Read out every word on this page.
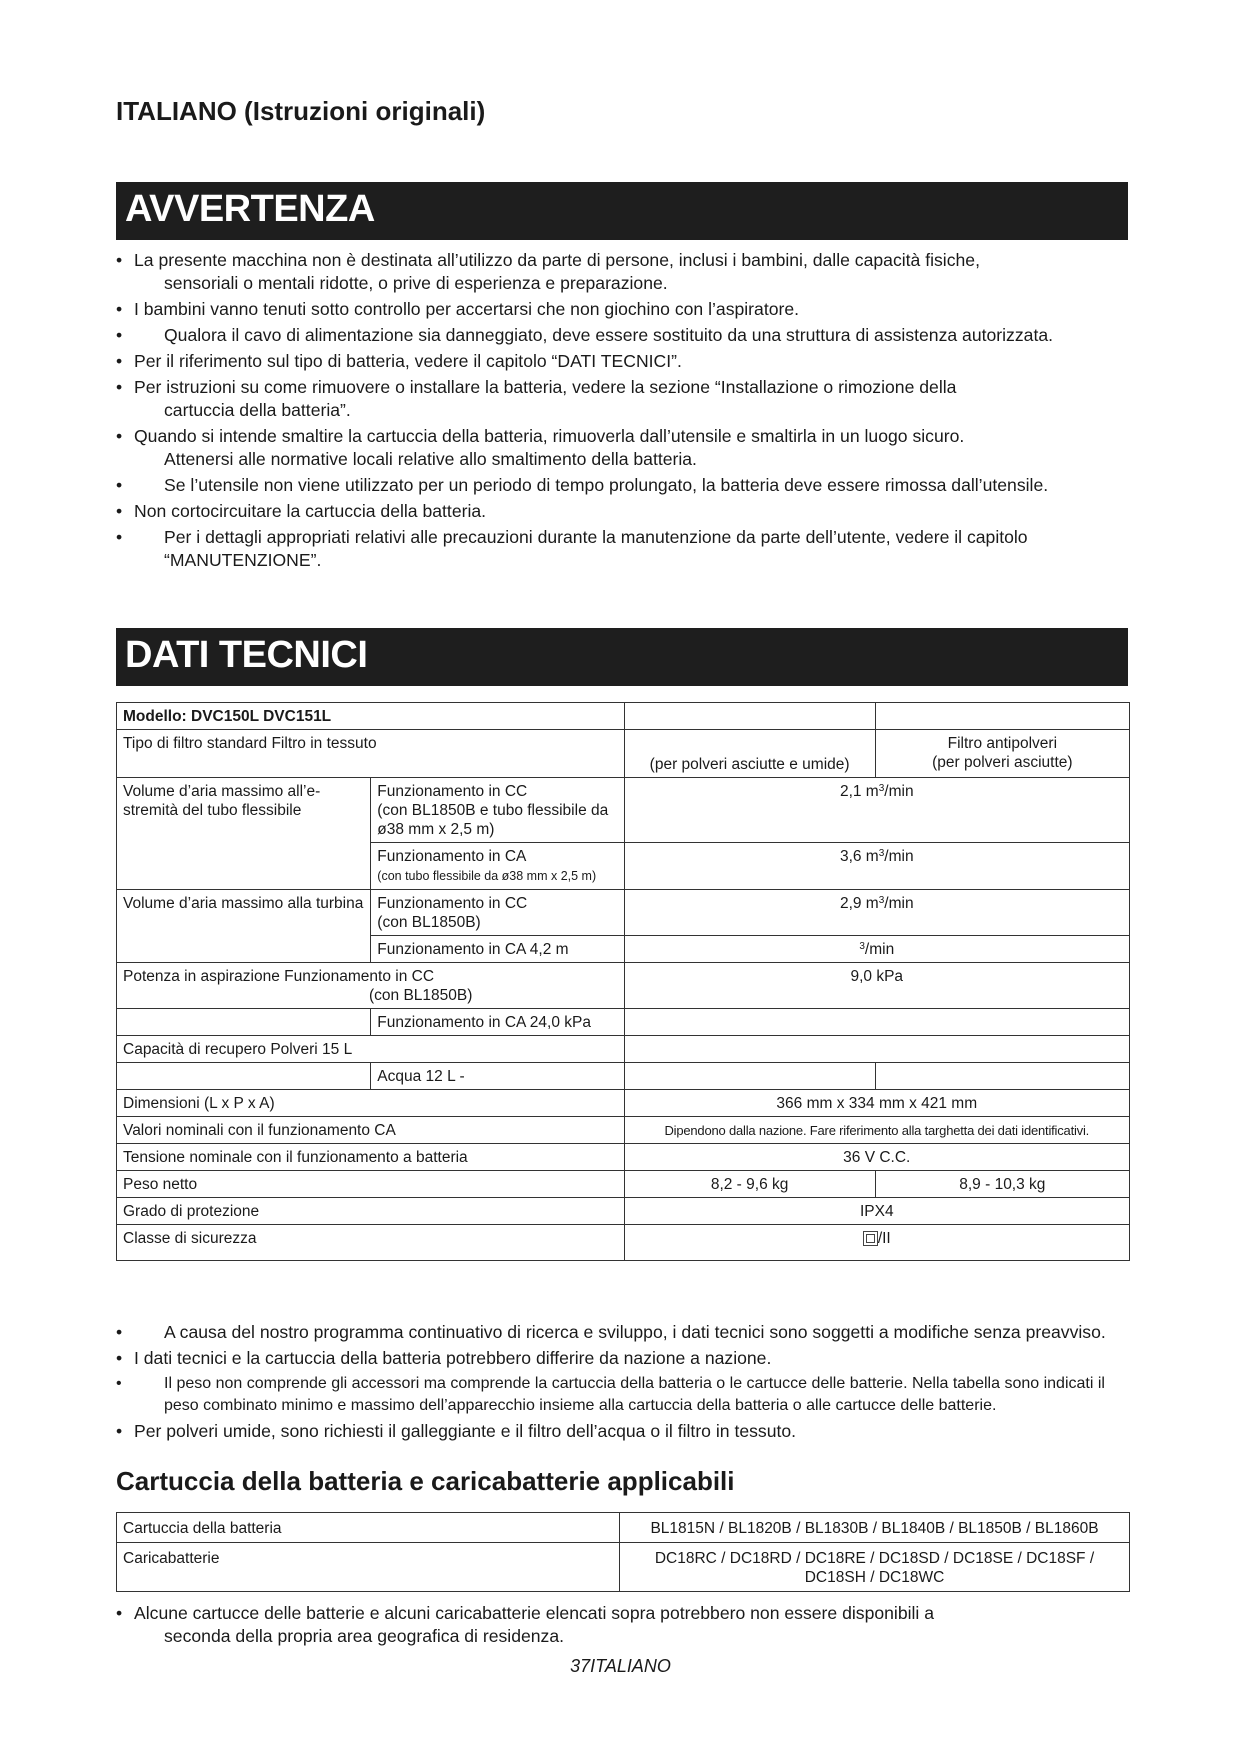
ITALIANO (Istruzioni originali)
AVVERTENZA
• La presente macchina non è destinata all’utilizzo da parte di persone, inclusi i bambini, dalle capacità fisiche,
sensoriali o mentali ridotte, o prive di esperienza e preparazione.
• I bambini vanno tenuti sotto controllo per accertarsi che non giochino con l’aspiratore.
• Qualora il cavo di alimentazione sia danneggiato, deve essere sostituito da una struttura di assistenza autorizzata.
• Per il riferimento sul tipo di batteria, vedere il capitolo “DATI TECNICI”.
• Per istruzioni su come rimuovere o installare la batteria, vedere la sezione “Installazione o rimozione della
cartuccia della batteria”.
• Quando si intende smaltire la cartuccia della batteria, rimuoverla dall’utensile e smaltirla in un luogo sicuro.
Attenersi alle normative locali relative allo smaltimento della batteria.
• Se l’utensile non viene utilizzato per un periodo di tempo prolungato, la batteria deve essere rimossa dall’utensile.
• Non cortocircuitare la cartuccia della batteria.
• Per i dettagli appropriati relativi alle precauzioni durante la manutenzione da parte dell’utente, vedere il capitolo
“MANUTENZIONE”.
DATI TECNICI
Modello: DVC150L DVC151L			
Tipo di filtro standard Filtro in tessuto		(per polveri asciutte e umide)	Filtro antipolveri
(per polveri asciutte)
Volume d’aria massimo all’e-stremità del tubo flessibile	Funzionamento in CC
(con BL1850B e tubo flessibile da
ø38 mm x 2,5 m)	2,1 $m^3/\min$	
	Funzionamento in CA
(con tubo flessibile da ø38 mm x 2,5 m)	3,6 $m^3/\min$	
Volume d’aria massimo alla turbina	Funzionamento in CC
(con BL1850B)	2,9 $m^3/\min$	
	Funzionamento in CA 4,2 m	$^3$/min	
Potenza in aspirazione Funzionamento in CC
(con BL1850B)		9,0 kPa	
	Funzionamento in CA 24,0 kPa		
Capacità di recupero Polveri 15 L			
	Acqua 12 L -		
Dimensioni (L x P x A)		366 mm x 334 mm x 421 mm	
Valori nominali con il funzionamento CA		Dipendono dalla nazione. Fare riferimento alla targhetta dei dati identificativi.	
Tensione nominale con il funzionamento a batteria		36 V C.C.	
Peso netto		8,2 - 9,6 kg	8,9 - 10,3 kg
Grado di protezione		IPX4	
Classe di sicurezza		/II	
• A causa del nostro programma continuativo di ricerca e sviluppo, i dati tecnici sono soggetti a modifiche senza preavviso.
• I dati tecnici e la cartuccia della batteria potrebbero differire da nazione a nazione.
• Il peso non comprende gli accessori ma comprende la cartuccia della batteria o le cartucce delle batterie. Nella tabella sono indicati il peso combinato minimo e massimo dell’apparecchio insieme alla cartuccia della batteria o alle cartucce delle batterie.
• Per polveri umide, sono richiesti il galleggiante e il filtro dell’acqua o il filtro in tessuto.
Cartuccia della batteria e caricabatterie applicabili
Cartuccia della batteria	BL1815N / BL1820B / BL1830B / BL1840B / BL1850B / BL1860B
Caricabatterie	DC18RC / DC18RD / DC18RE / DC18SD / DC18SE / DC18SF /
DC18SH / DC18WC
• Alcune cartucce delle batterie e alcuni caricabatterie elencati sopra potrebbero non essere disponibili a
seconda della propria area geografica di residenza.
37ITALIANO
